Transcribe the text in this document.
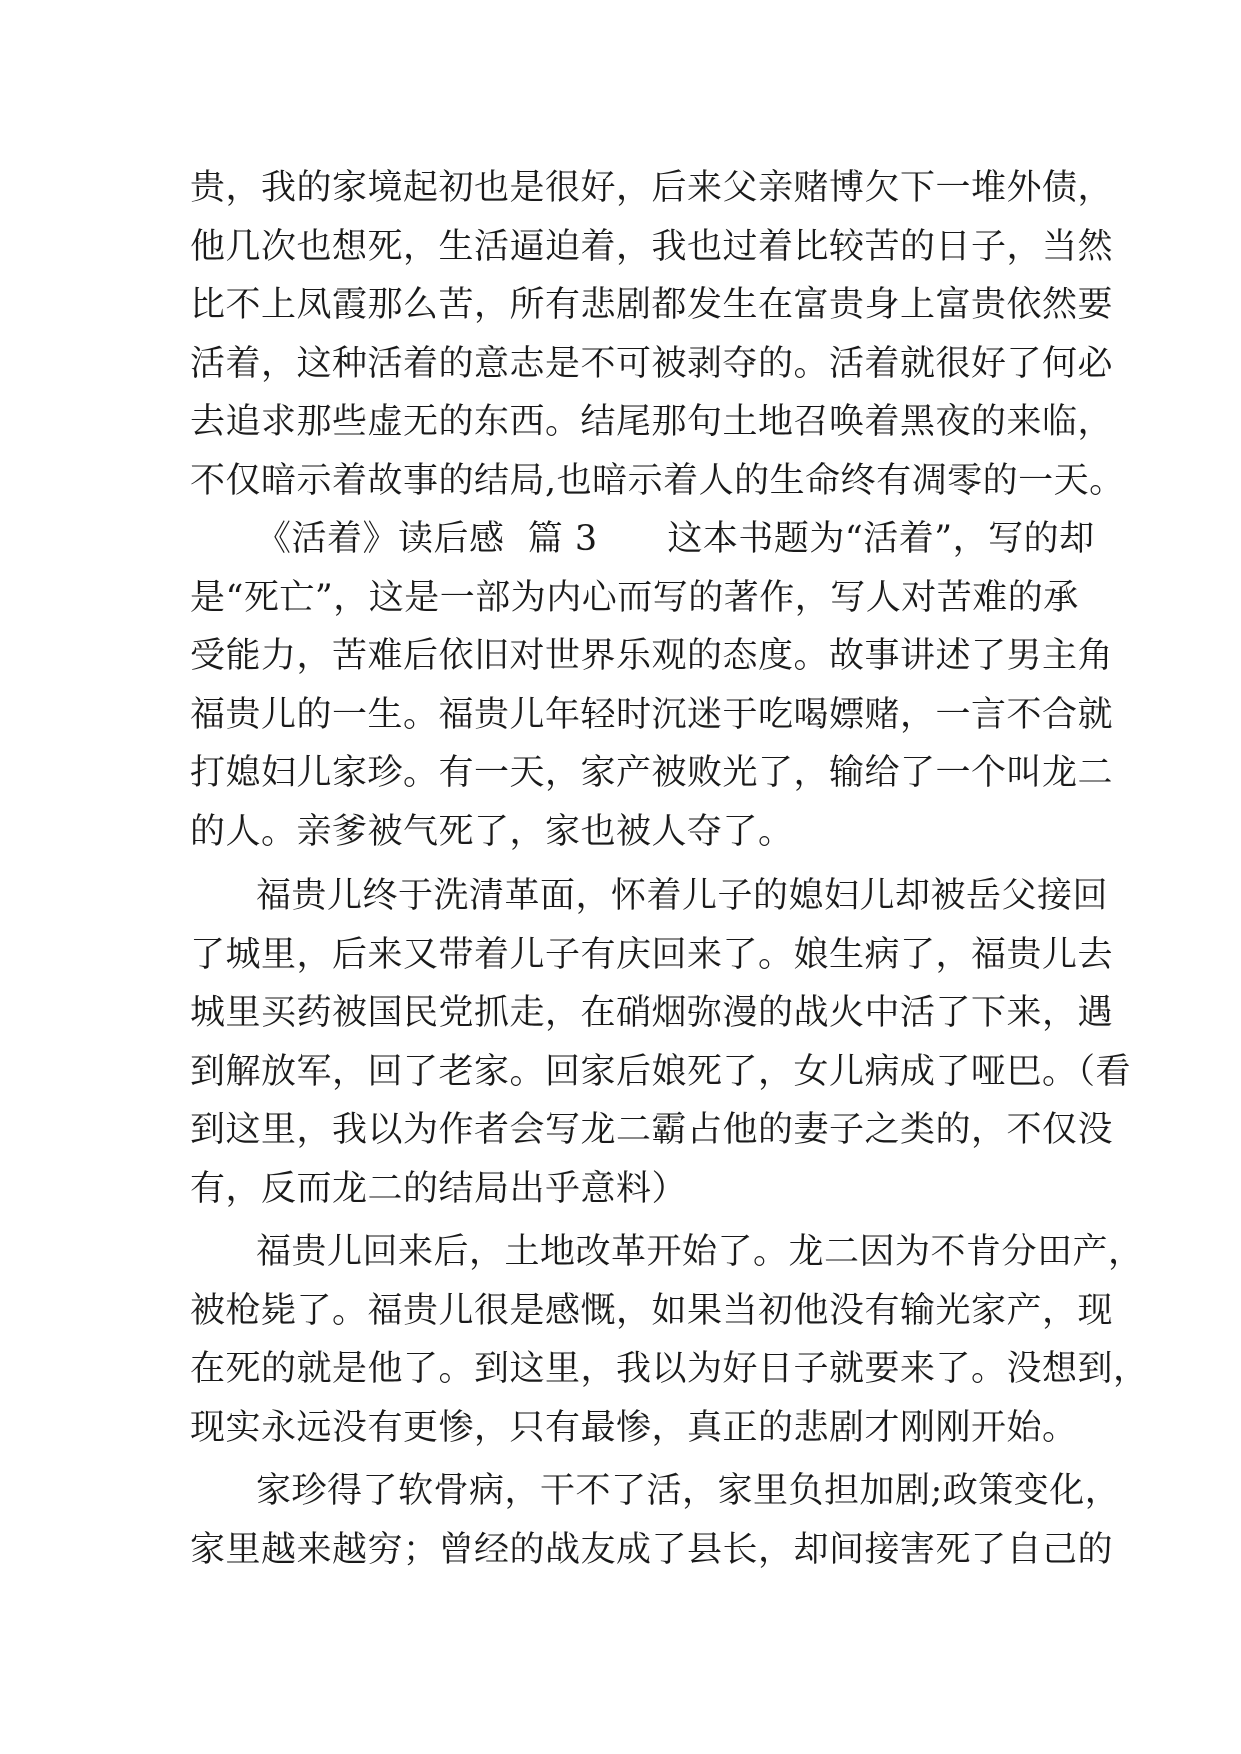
贵，我的家境起初也是很好，后来父亲赌博欠下一堆外债，
他几次也想死，生活逼迫着，我也过着比较苦的日子，当然
比不上凤霞那么苦，所有悲剧都发生在富贵身上富贵依然要
活着，这种活着的意志是不可被剥夺的。活着就很好了何必
去追求那些虚无的东西。结尾那句土地召唤着黑夜的来临，
不仅暗示着故事的结局,也暗示着人的生命终有凋零的一天。
《活着》读后感  篇 3      这本书题为“活着”，写的却
是“死亡”，这是一部为内心而写的著作，写人对苦难的承
受能力，苦难后依旧对世界乐观的态度。故事讲述了男主角
福贵儿的一生。福贵儿年轻时沉迷于吃喝嫖赌，一言不合就
打媳妇儿家珍。有一天，家产被败光了，输给了一个叫龙二
的人。亲爹被气死了，家也被人夺了。
福贵儿终于洗清革面，怀着儿子的媳妇儿却被岳父接回
了城里，后来又带着儿子有庆回来了。娘生病了，福贵儿去
城里买药被国民党抓走，在硝烟弥漫的战火中活了下来，遇
到解放军，回了老家。回家后娘死了，女儿病成了哑巴。（看
到这里，我以为作者会写龙二霸占他的妻子之类的，不仅没
有，反而龙二的结局出乎意料）
福贵儿回来后，土地改革开始了。龙二因为不肯分田产，
被枪毙了。福贵儿很是感慨，如果当初他没有输光家产，现
在死的就是他了。到这里，我以为好日子就要来了。没想到，
现实永远没有更惨，只有最惨，真正的悲剧才刚刚开始。
家珍得了软骨病，干不了活，家里负担加剧;政策变化，
家里越来越穷；曾经的战友成了县长，却间接害死了自己的
